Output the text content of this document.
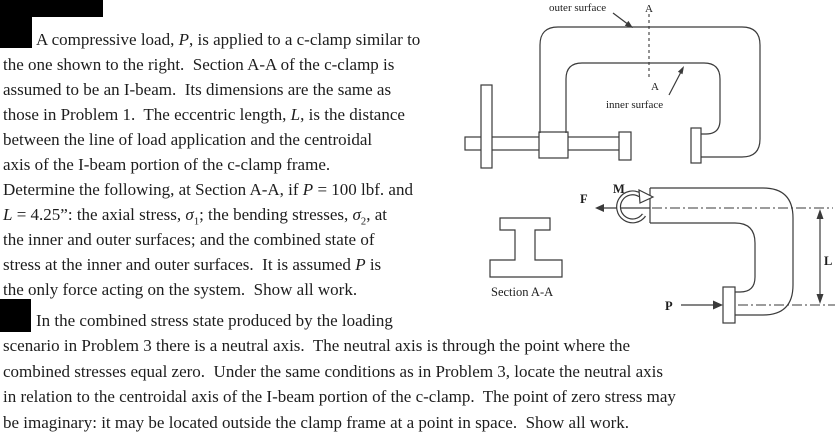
A compressive load, P, is applied to a c-clamp similar to
the one shown to the right.  Section A-A of the c-clamp is
assumed to be an I-beam.  Its dimensions are the same as
those in Problem 1.  The eccentric length, L, is the distance
between the line of load application and the centroidal
axis of the I-beam portion of the c-clamp frame.
Determine the following, at Section A-A, if P = 100 lbf. and
L = 4.25”: the axial stress, $\sigma_1$; the bending stresses, $\sigma_2$, at
the inner and outer surfaces; and the combined state of
stress at the inner and outer surfaces.  It is assumed P is
the only force acting on the system.  Show all work.
In the combined stress state produced by the loading
scenario in Problem 3 there is a neutral axis.  The neutral axis is through the point where the
combined stresses equal zero.  Under the same conditions as in Problem 3, locate the neutral axis
in relation to the centroidal axis of the I-beam portion of the c-clamp.  The point of zero stress may
be imaginary: it may be located outside the clamp frame at a point in space.  Show all work.
A
A
outer surface
inner surface
Section A-A
F
M
P
L
